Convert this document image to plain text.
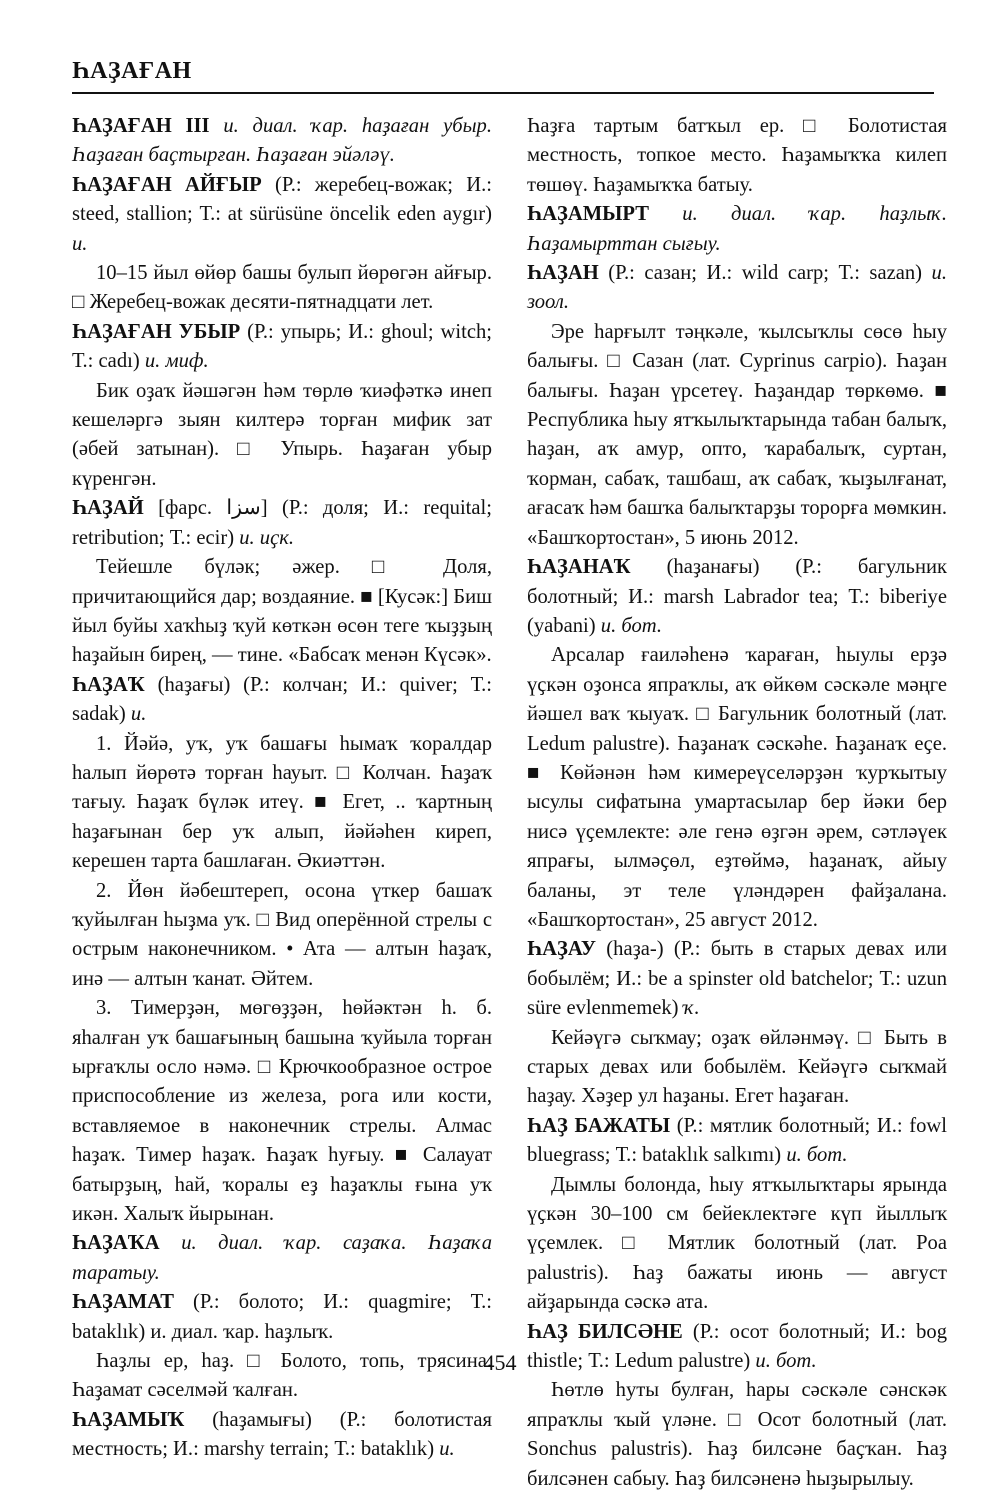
ҺАҘАҒАН

ҺАҘАҒАН III и. диал. ҡар. һаҙаған убыр. Һаҙаған баҫтырған. Һаҙаған эйәләү.

ҺАҘАҒАН АЙҒЫР (Р.: жеребец-вожак; И.: steed, stallion; Т.: at sürüsüne öncelik eden aygır) и.

10–15 йыл өйөр башы булып йөрөгән айғыр. □ Жеребец-вожак десяти-пятнадцати лет.

ҺАҘАҒАН УБЫР (Р.: упырь; И.: ghoul; witch; Т.: cadı) и. миф.

Бик оҙаҡ йәшәгән һәм төрлө ҡиәфәткә инеп кешеләргә зыян килтерә торған мифик зат (әбей затынан). □ Упырь. Һаҙаған убыр күренгән.

ҺАҘАЙ [фарс. سزا] (Р.: доля; И.: requital; retribution; Т.: ecir) и. иҫк.

Тейешле бүләк; әжер. □ Доля, причитающийся дар; воздаяние. ■ [Кусәк:] Биш йыл буйы хаҡһыҙ ҡуй көткән өсөн теге ҡыҙҙың һаҙайын бирең, — тине. «Бабсаҡ менән Күсәк».

ҺАҘАҠ (һаҙағы) (Р.: колчан; И.: quiver; Т.: sadak) и.

1. Йәйә, уҡ, уҡ башағы һымаҡ ҡоралдар һалып йөрөтә торған һауыт. □ Колчан. Һаҙаҡ тағыу. Һаҙаҡ бүләк итеү. ■ Егет, .. ҡартның һаҙағынан бер уҡ алып, йәйәһен киреп, керешен тарта башлаған. Әкиәттән.

2. Йөн йәбештереп, осона үткер башаҡ ҡуйылған һыҙма уҡ. □ Вид оперённой стрелы с острым наконечником. • Ата — алтын һаҙаҡ, инә — алтын ҡанат. Әйтем.

3. Тимерҙән, мөгөҙҙән, һөйәктән һ. б. яһалған уҡ башағының башына ҡуйыла торған ырғаҡлы осло нәмә. □ Крючкообразное острое приспособление из железа, рога или кости, вставляемое в наконечник стрелы. Алмас һаҙаҡ. Тимер һаҙаҡ. Һаҙаҡ һуғыу. ■ Салауат батырҙың, һай, ҡоралы еҙ һаҙаҡлы ғына уҡ икән. Халыҡ йырынан.

ҺАҘАҠА и. диал. ҡар. саҙаҡа. Һаҙаҡа таратыу.

ҺАҘАМАТ (Р.: болото; И.: quagmire; Т.: bataklık) и. диал. ҡар. һаҙлыҡ.

Һаҙлы ер, һаҙ. □ Болото, топь, трясина. Һаҙамат сәселмәй ҡалған.

ҺАҘАМЫҠ (һаҙамығы) (Р.: болотистая местность; И.: marshy terrain; Т.: bataklık) и.

Һаҙға тартым батҡыл ер. □ Болотистая местность, топкое место. Һаҙамыҡҡа килеп төшөү. Һаҙамыҡҡа батыу.

ҺАҘАМЫРТ и. диал. ҡар. һаҙлыҡ. Һаҙамырттан сығыу.

ҺАҘАН (Р.: сазан; И.: wild carp; Т.: sazan) и. зоол.

Эре һарғылт тәңкәле, ҡылсыҡлы сөсө һыу балығы. □ Сазан (лат. Cyprinus carpio). Һаҙан балығы. Һаҙан үрсетеү. Һаҙандар төркөмө. ■ Республика һыу ятҡылыҡтарында табан балыҡ, һаҙан, аҡ амур, опто, ҡарабалыҡ, суртан, ҡорман, сабаҡ, ташбаш, аҡ сабаҡ, ҡыҙылғанат, ағасаҡ һәм башҡа балыҡтарҙы торорға мөмкин. «Башҡортостан», 5 июнь 2012.

ҺАҘАНАҠ (һаҙанағы) (Р.: багульник болотный; И.: marsh Labrador tea; Т.: biberiye (yabani) и. бот.

Арсалар ғаиләһенә ҡараған, һыулы ерҙә үҫкән оҙонса япраҡлы, аҡ өйкөм сәскәле мәңге йәшел ваҡ ҡыуаҡ. □ Багульник болотный (лат. Ledum palustre). Һаҙанаҡ сәскәһе. Һаҙанаҡ еҫе. ■ Көйәнән һәм кимереүселәрҙән ҡурҡытыу ысулы сифатына умартасылар бер йәки бер нисә үҫемлекте: әле генә өҙгән әрем, сәтләүек япрағы, ылмәҫөл, еҙтөймә, һаҙанаҡ, айыу баланы, эт теле үләндәрен файҙалана. «Башҡортостан», 25 август 2012.

ҺАҘАУ (һаҙа-) (Р.: быть в старых девах или бобылём; И.: be a spinster old batchelor; Т.: uzun süre evlenmemek) ҡ.

Кейәүгә сыҡмау; оҙаҡ өйләнмәү. □ Быть в старых девах или бобылём. Кейәүгә сыҡмай һаҙау. Хәҙер ул һаҙаны. Егет һаҙаған.

ҺАҘ БАЖАТЫ (Р.: мятлик болотный; И.: fowl bluegrass; Т.: bataklık salkımı) и. бот.

Дымлы болонда, һыу ятҡылыҡтары ярында үҫкән 30–100 см бейеклектәге күп йыллыҡ үҫемлек. □ Мятлик болотный (лат. Poa palustris). Һаҙ бажаты июнь — август айҙарында сәскә ата.

ҺАҘ БИЛСӘНЕ (Р.: осот болотный; И.: bog thistle; Т.: Ledum palustre) и. бот.

Һөтлө һуты булған, һары сәскәле сәнскәк япраҡлы ҡый үләне. □ Осот болотный (лат. Sonchus palustris). Һаҙ билсәне баҫҡан. Һаҙ билсәнен сабыу. Һаҙ билсәненә һыҙырылыу.

454
